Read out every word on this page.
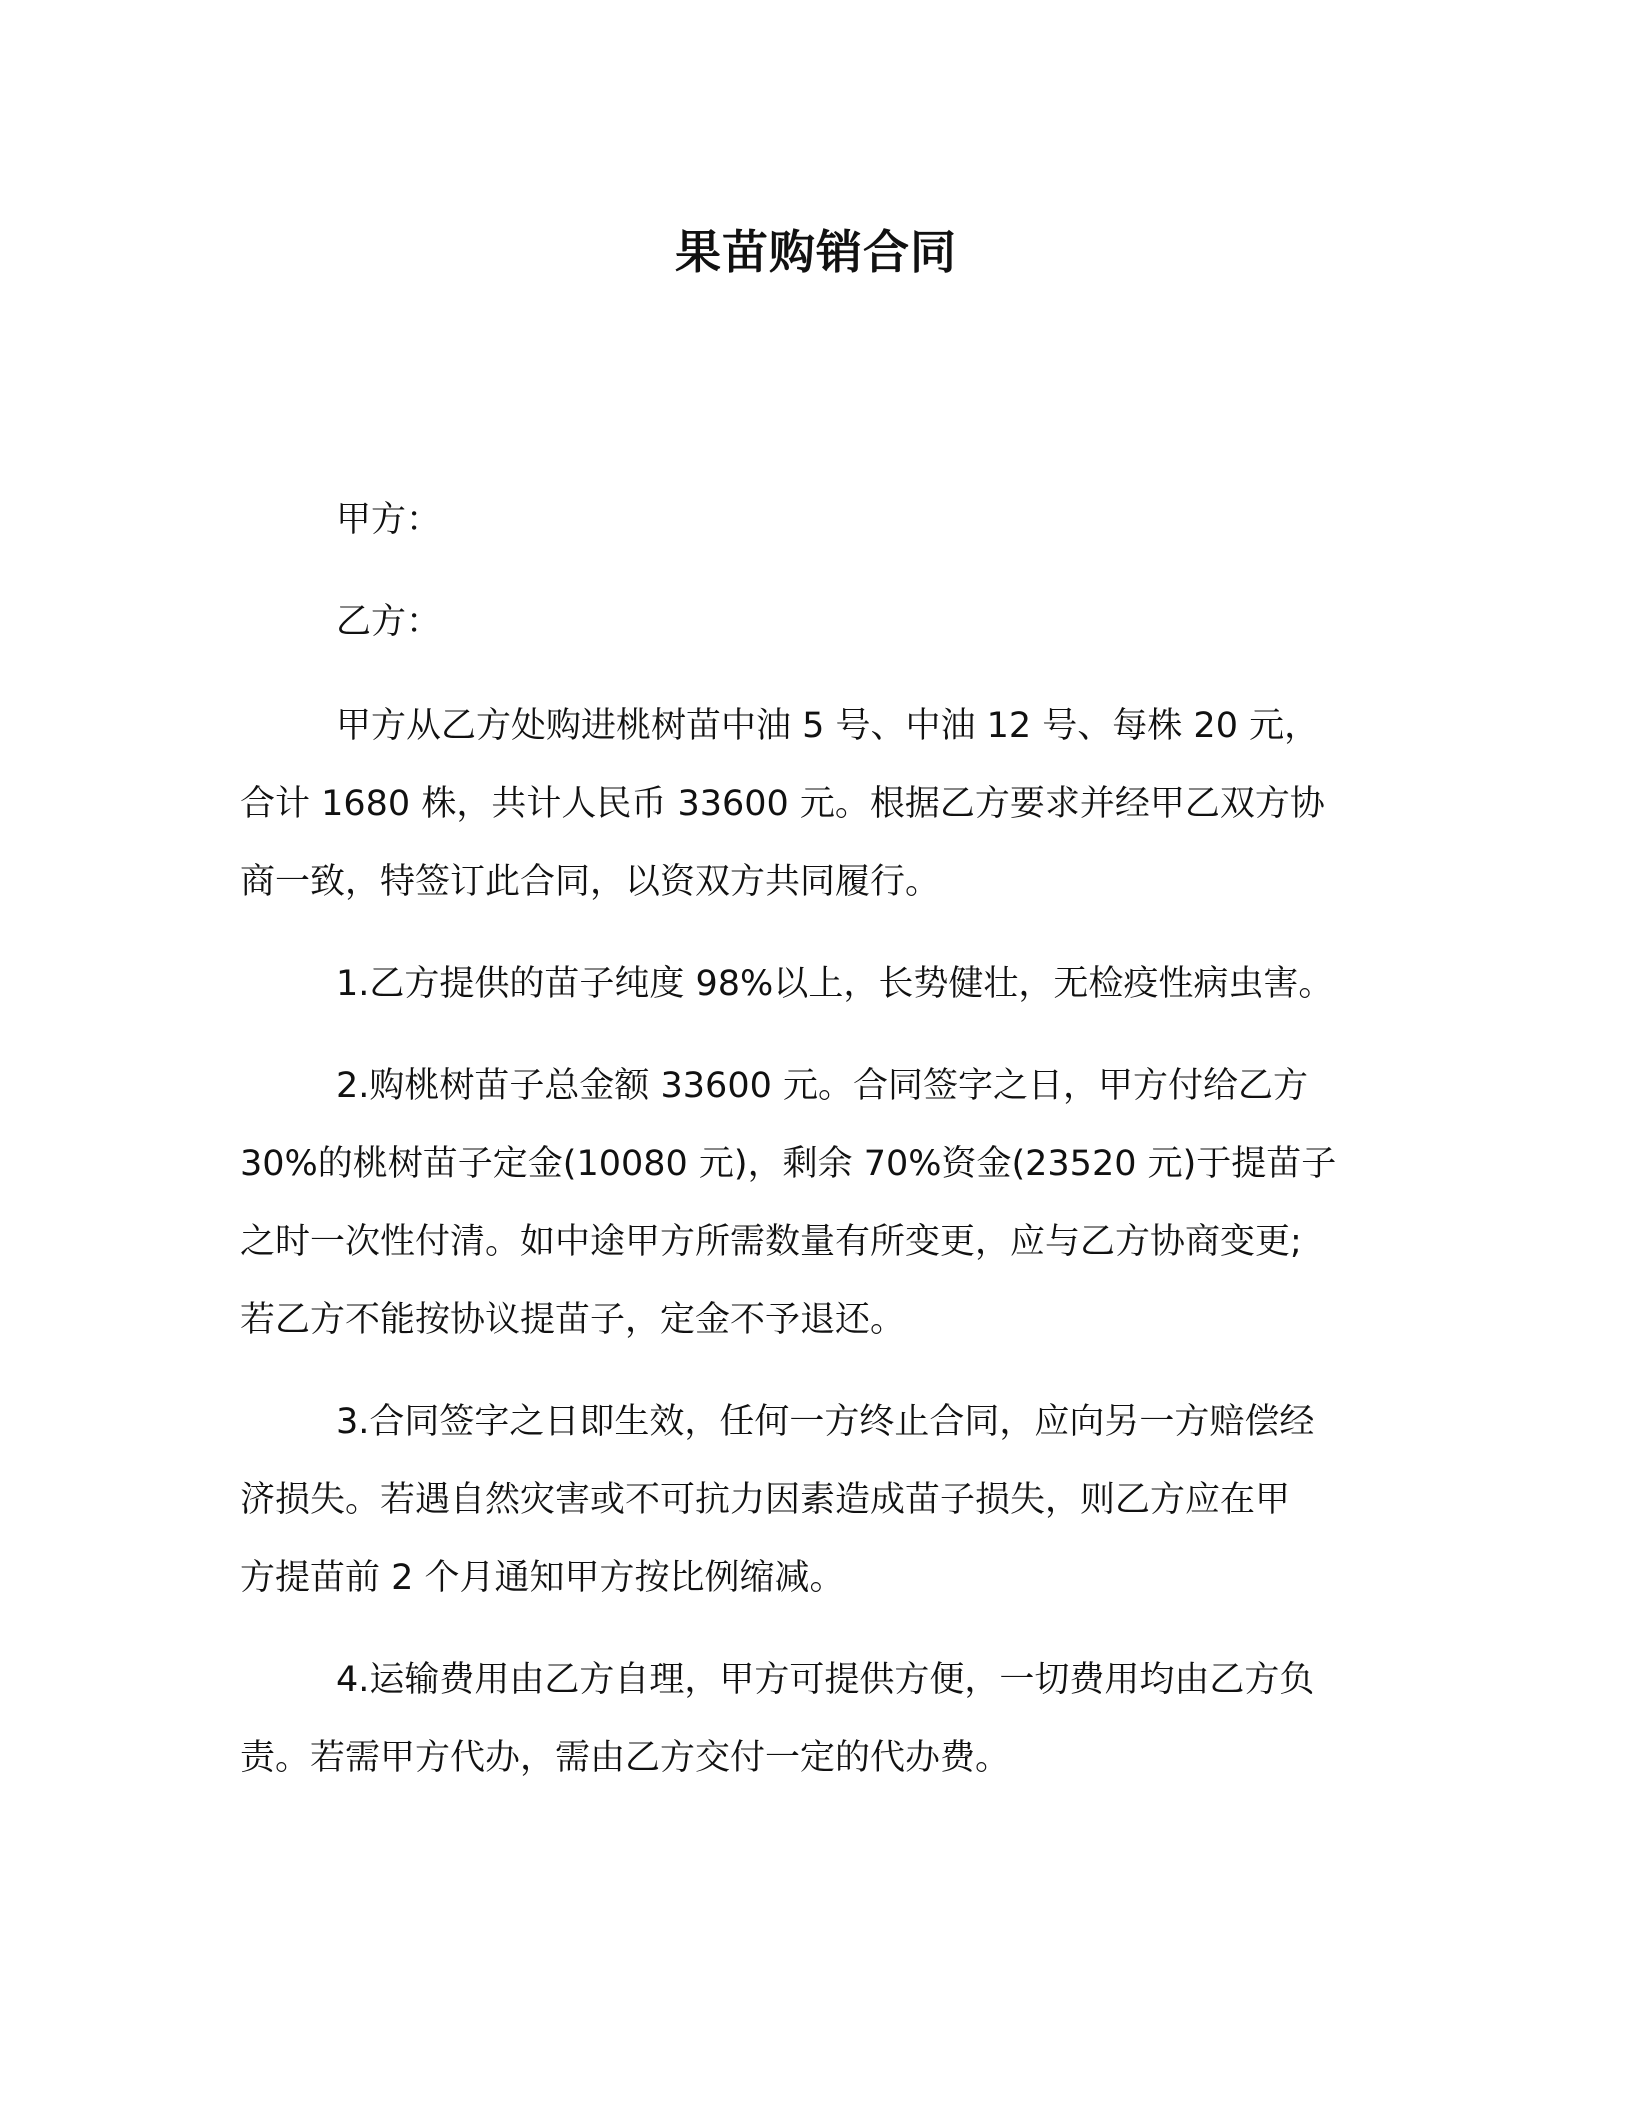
果苗购销合同
甲方：
乙方：
甲方从乙方处购进桃树苗中油 5 号、中油 12 号、每株 20 元，
合计 1680 株，共计人民币 33600 元。根据乙方要求并经甲乙双方协
商一致，特签订此合同，以资双方共同履行。
1.乙方提供的苗子纯度 98%以上，长势健壮，无检疫性病虫害。
2.购桃树苗子总金额 33600 元。合同签字之日，甲方付给乙方
30%的桃树苗子定金(10080 元)，剩余 70%资金(23520 元)于提苗子
之时一次性付清。如中途甲方所需数量有所变更，应与乙方协商变更;
若乙方不能按协议提苗子，定金不予退还。
3.合同签字之日即生效，任何一方终止合同，应向另一方赔偿经
济损失。若遇自然灾害或不可抗力因素造成苗子损失，则乙方应在甲
方提苗前 2 个月通知甲方按比例缩减。
4.运输费用由乙方自理，甲方可提供方便，一切费用均由乙方负
责。若需甲方代办，需由乙方交付一定的代办费。
